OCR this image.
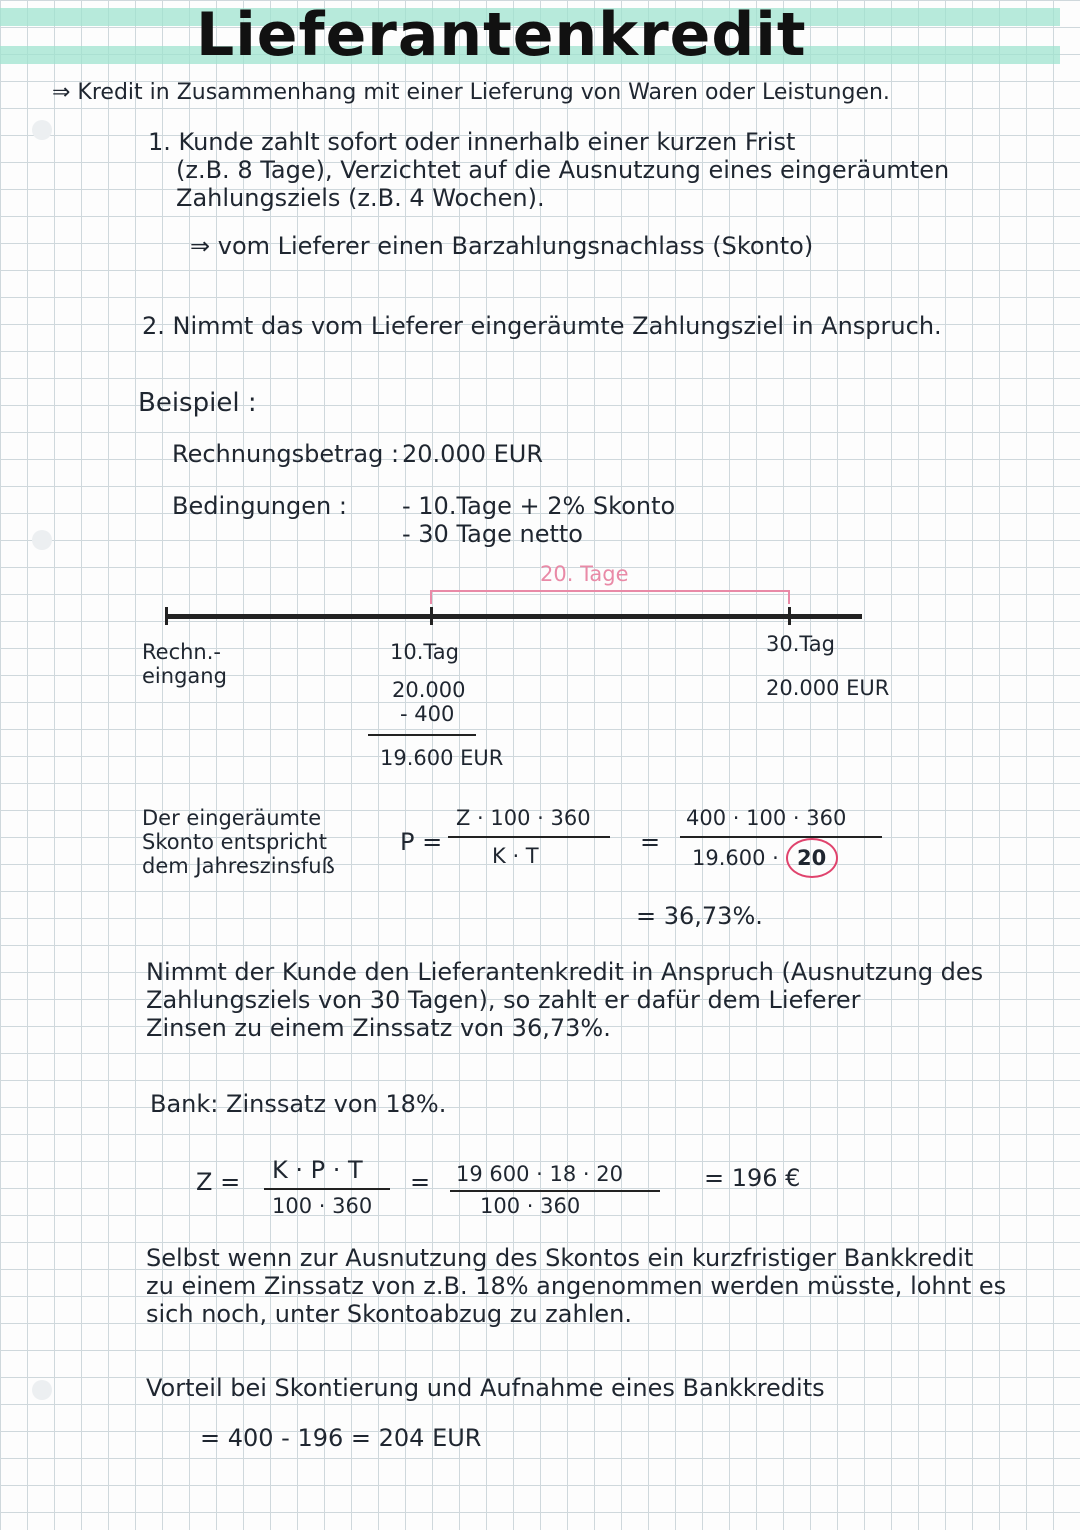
Lieferantenkredit
⇒ Kredit in Zusammenhang mit einer Lieferung von Waren oder Leistungen.
1. Kunde zahlt sofort oder innerhalb einer kurzen Frist
(z.B. 8 Tage), Verzichtet auf die Ausnutzung eines eingeräumten
Zahlungsziels (z.B. 4 Wochen).
⇒ vom Lieferer einen Barzahlungsnachlass (Skonto)
2. Nimmt das vom Lieferer eingeräumte Zahlungsziel in Anspruch.
Beispiel :
Rechnungsbetrag : 20.000 EUR
Bedingungen : - 10.Tage + 2% Skonto
- 30 Tage netto
20. Tage
Rechn.-
eingang
10.Tag
20.000
- 400
19.600 EUR
30.Tag
20.000 EUR
Der eingeräumte
Skonto entspricht
dem Jahreszinsfuß
P =
Z · 100 · 360
K · T	=
400 · 100 · 360
19.600 · 20
= 36,73%.
Nimmt der Kunde den Lieferantenkredit in Anspruch (Ausnutzung des
Zahlungsziels von 30 Tagen), so zahlt er dafür dem Lieferer
Zinsen zu einem Zinssatz von 36,73%.
Bank: Zinssatz von 18%.
Z = K · P · T
100 · 360
= 19 600 · 18 · 20
100 · 360
= 196 €
Selbst wenn zur Ausnutzung des Skontos ein kurzfristiger Bankkredit
zu einem Zinssatz von z.B. 18% angenommen werden müsste, lohnt es
sich noch, unter Skontoabzug zu zahlen.
Vorteil bei Skontierung und Aufnahme eines Bankkredits
= 400 - 196 = 204 EUR
